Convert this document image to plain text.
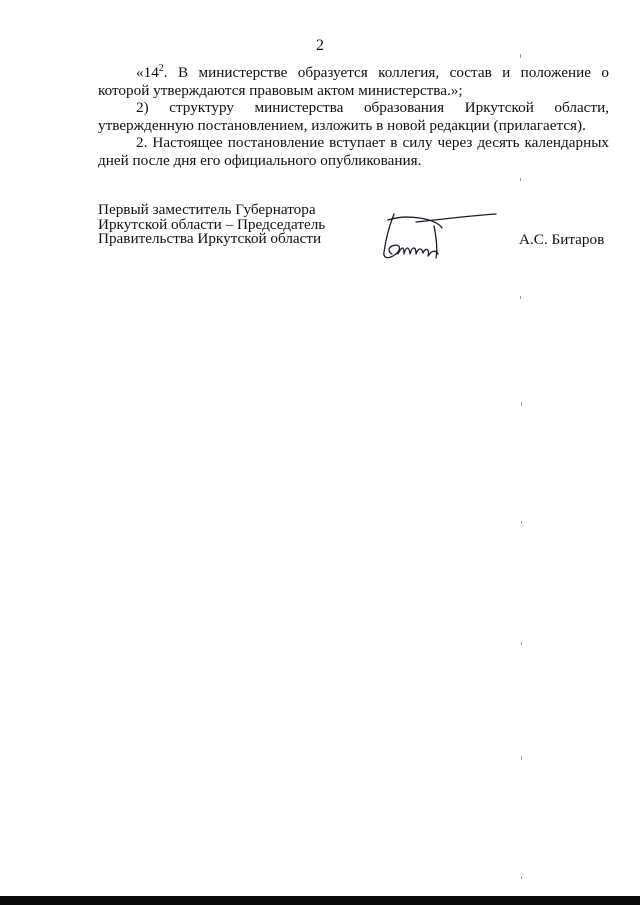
2

«$14^2$. В министерстве образуется коллегия, состав и положение о которой утверждаются правовым актом министерства.»;

2) структуру министерства образования Иркутской области, утвержденную постановлением, изложить в новой редакции (прилагается).

2. Настоящее постановление вступает в силу через десять календарных дней после дня его официального опубликования.

Первый заместитель Губернатора
Иркутской области – Председатель
Правительства Иркутской области	А.С. Битаров
